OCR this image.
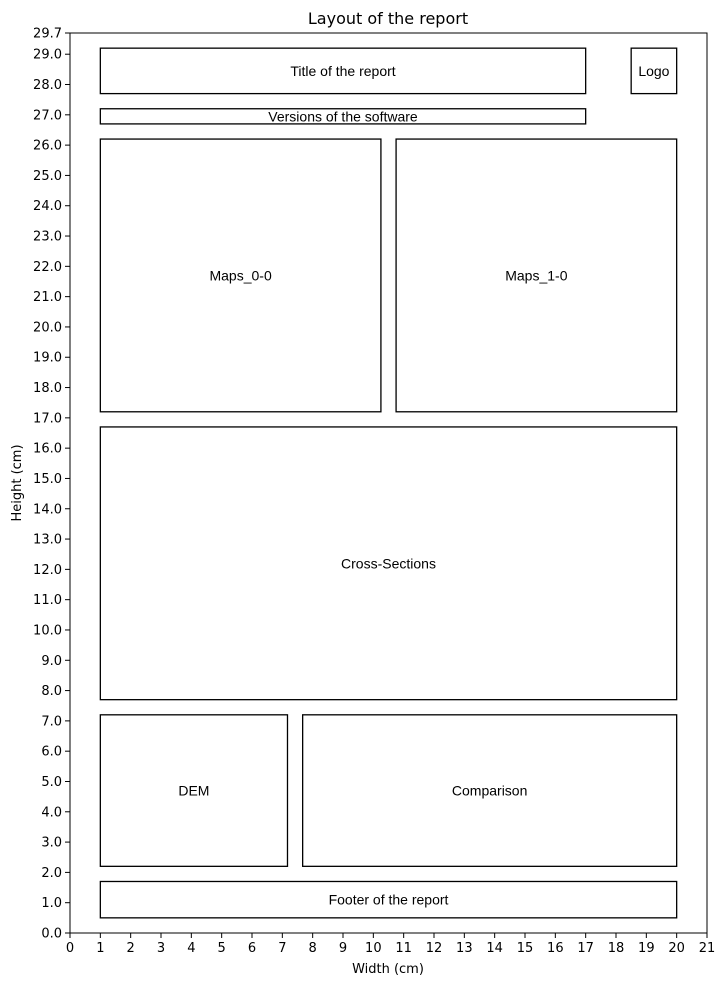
Layout of the report
Width (cm)
Height (cm)
Title of the report	Logo
Versions of the software
Maps_0-0	Maps_1-0
Cross-Sections
DEM	Comparison
Footer of the report
0 1 2 3 4 5 6 7 8 9 10 11 12 13 14 15 16 17 18 19 20 21
0.0
1.0
2.0
3.0
4.0
5.0
6.0
7.0
8.0
9.0
10.0
11.0
12.0
13.0
14.0
15.0
16.0
17.0
18.0
19.0
20.0
21.0
22.0
23.0
24.0
25.0
26.0
27.0
28.0
29.0
29.7
